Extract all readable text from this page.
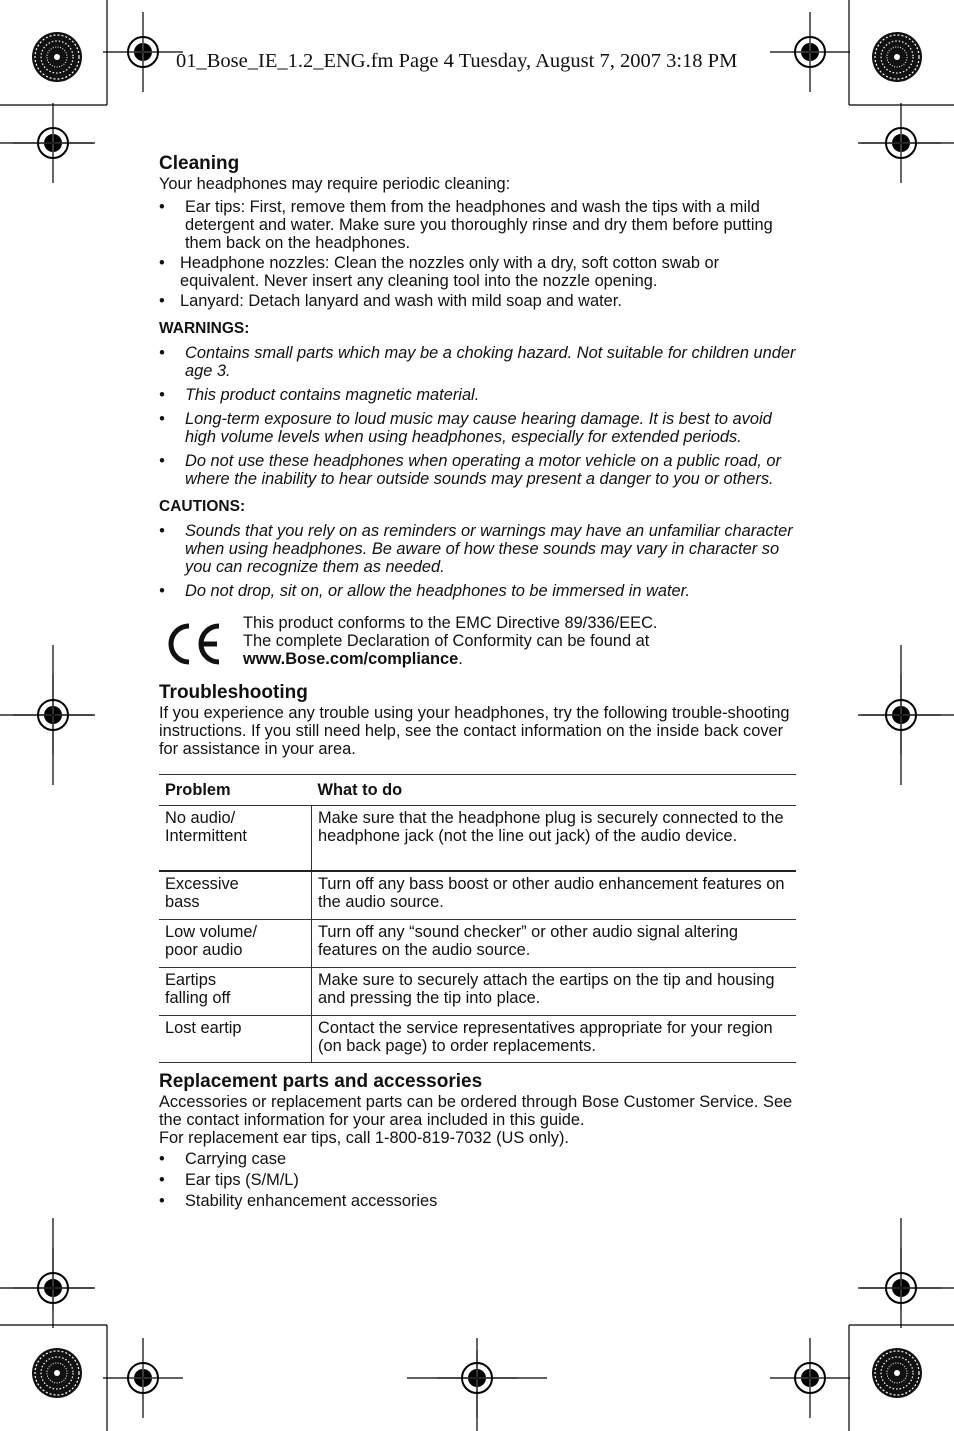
01_Bose_IE_1.2_ENG.fm Page 4 Tuesday, August 7, 2007 3:18 PM
Cleaning

Your headphones may require periodic cleaning:

• Ear tips: First, remove them from the headphones and wash the tips with a mild detergent and water. Make sure you thoroughly rinse and dry them before putting them back on the headphones.
• Headphone nozzles: Clean the nozzles only with a dry, soft cotton swab or equivalent. Never insert any cleaning tool into the nozzle opening.
• Lanyard: Detach lanyard and wash with mild soap and water.
WARNINGS:
• Contains small parts which may be a choking hazard. Not suitable for children under age 3.
• This product contains magnetic material.
• Long-term exposure to loud music may cause hearing damage. It is best to avoid high volume levels when using headphones, especially for extended periods.
• Do not use these headphones when operating a motor vehicle on a public road, or where the inability to hear outside sounds may present a danger to you or others.
CAUTIONS:
• Sounds that you rely on as reminders or warnings may have an unfamiliar character when using headphones. Be aware of how these sounds may vary in character so you can recognize them as needed.
• Do not drop, sit on, or allow the headphones to be immersed in water.
This product conforms to the EMC Directive 89/336/EEC.
The complete Declaration of Conformity can be found at
www.Bose.com/compliance.
Troubleshooting

If you experience any trouble using your headphones, try the following trouble-shooting instructions. If you still need help, see the contact information on the inside back cover for assistance in your area.

Problem	What to do

No audio/
Intermittent	Make sure that the headphone plug is securely connected to the headphone jack (not the line out jack) of the audio device.

Excessive
bass	Turn off any bass boost or other audio enhancement features on the audio source.

Low volume/
poor audio	Turn off any “sound checker” or other audio signal altering features on the audio source.

Eartips
falling off	Make sure to securely attach the eartips on the tip and housing and pressing the tip into place.

Lost eartip	Contact the service representatives appropriate for your region (on back page) to order replacements.
Replacement parts and accessories

Accessories or replacement parts can be ordered through Bose Customer Service. See the contact information for your area included in this guide.

For replacement ear tips, call 1-800-819-7032 (US only).

• Carrying case
• Ear tips (S/M/L)
• Stability enhancement accessories
